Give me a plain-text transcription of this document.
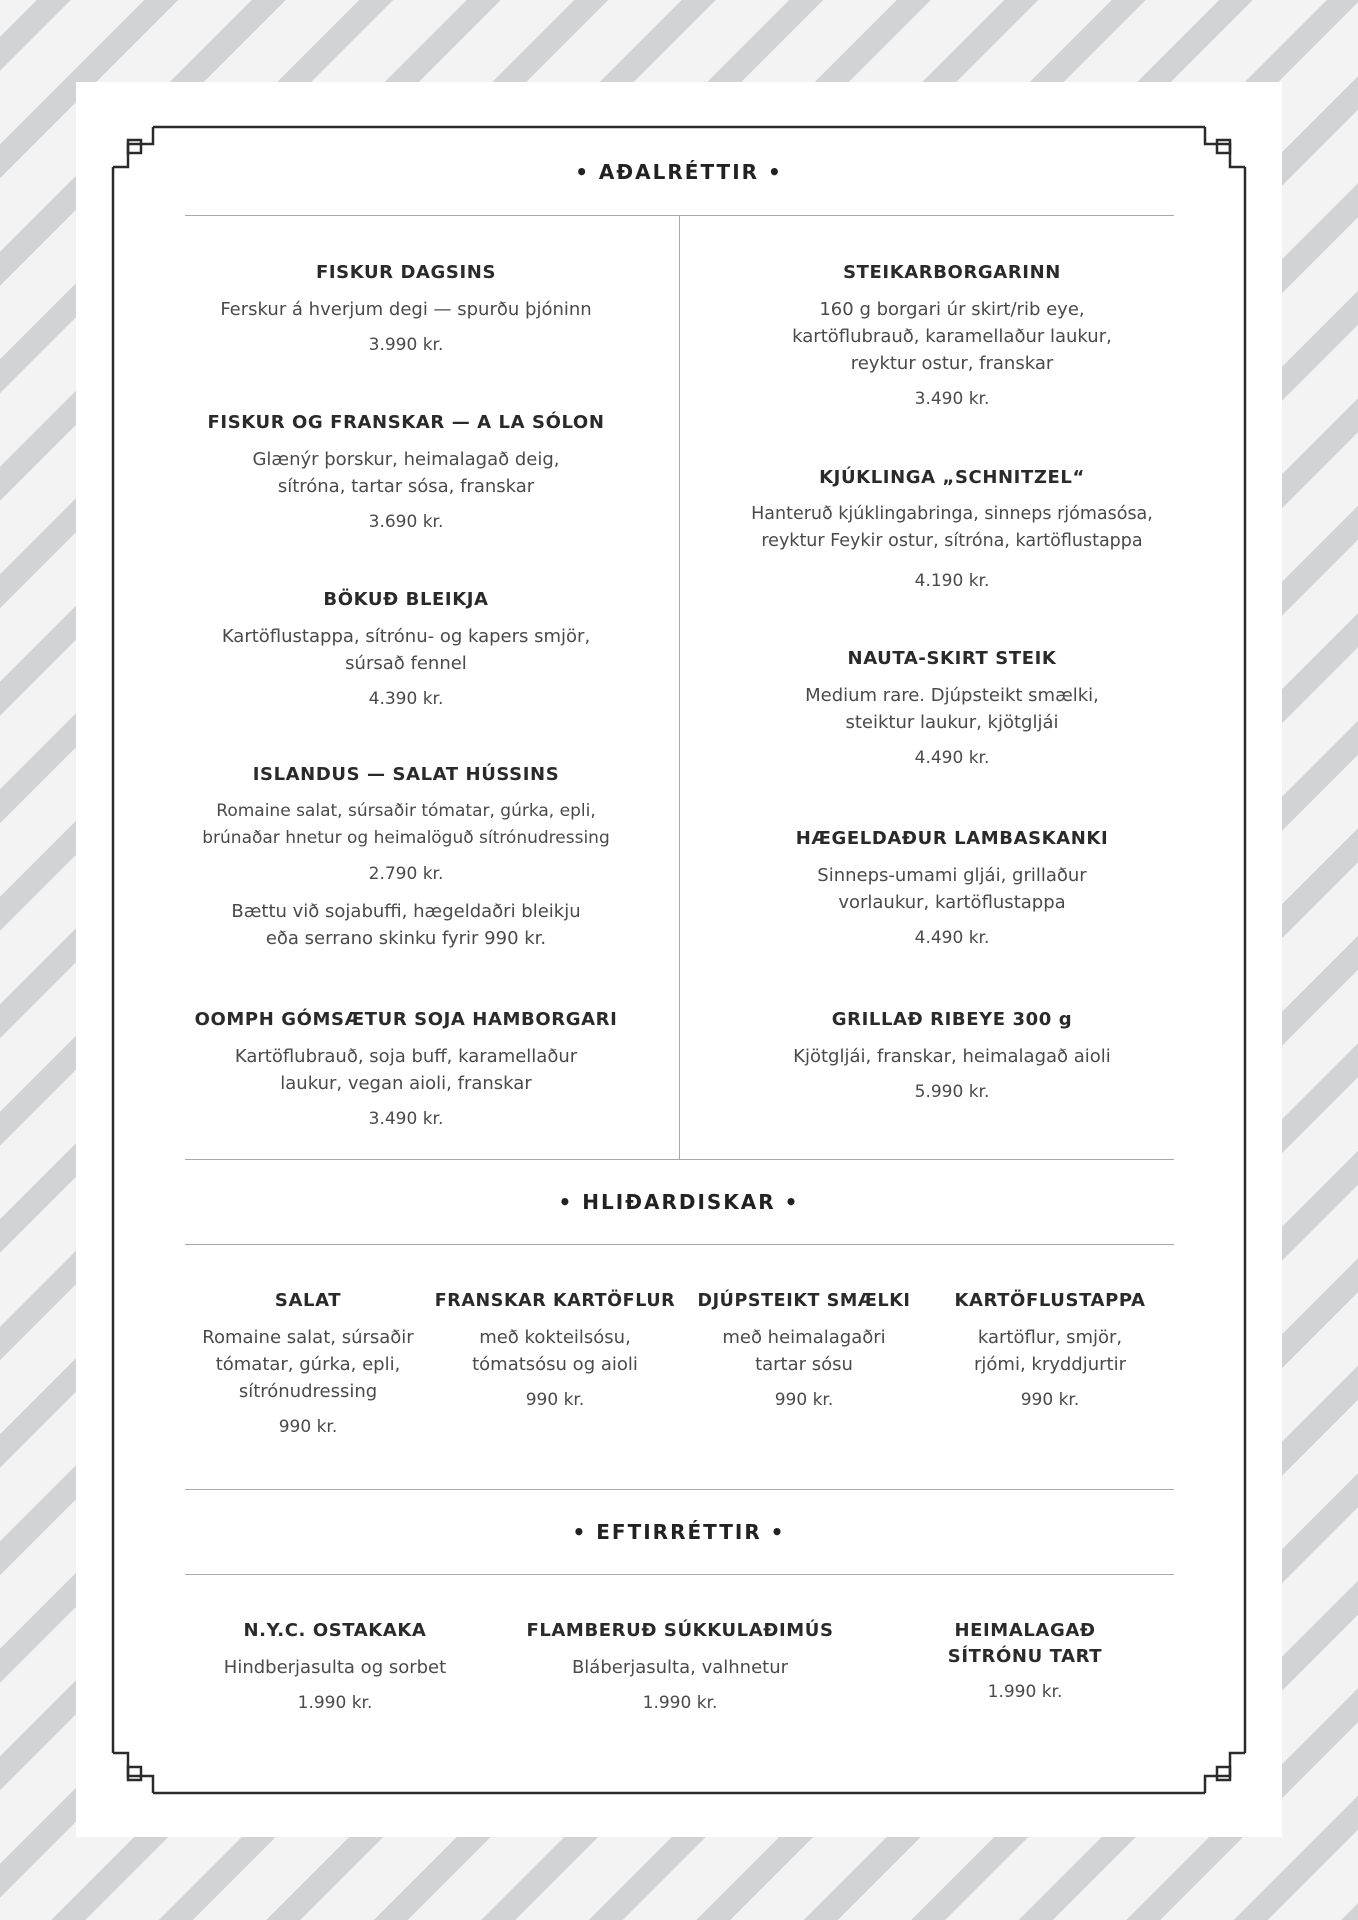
• AÐALRÉTTIR •
• HLIÐARDISKAR •
• EFTIRRÉTTIR •
FISKUR DAGSINS
Ferskur á hverjum degi — spurðu þjóninn
3.990 kr.
FISKUR OG FRANSKAR — A LA SÓLON
Glænýr þorskur, heimalagað deig,
sítróna, tartar sósa, franskar
3.690 kr.
BÖKUÐ BLEIKJA
Kartöflustappa, sítrónu- og kapers smjör,
súrsað fennel
4.390 kr.
ISLANDUS — SALAT HÚSSINS
Romaine salat, súrsaðir tómatar, gúrka, epli,
brúnaðar hnetur og heimalöguð sítrónudressing
2.790 kr.
Bættu við sojabuffi, hægeldaðri bleikju
eða serrano skinku fyrir 990 kr.
OOMPH GÓMSÆTUR SOJA HAMBORGARI
Kartöflubrauð, soja buff, karamellaður
laukur, vegan aioli, franskar
3.490 kr.
STEIKARBORGARINN
160 g borgari úr skirt/rib eye,
kartöflubrauð, karamellaður laukur,
reyktur ostur, franskar
3.490 kr.
KJÚKLINGA „SCHNITZEL“
Hanteruð kjúklingabringa, sinneps rjómasósa,
reyktur Feykir ostur, sítróna, kartöflustappa
4.190 kr.
NAUTA-SKIRT STEIK
Medium rare. Djúpsteikt smælki,
steiktur laukur, kjötgljái
4.490 kr.
HÆGELDAÐUR LAMBASKANKI
Sinneps-umami gljái, grillaður
vorlaukur, kartöflustappa
4.490 kr.
GRILLAÐ RIBEYE 300 g
Kjötgljái, franskar, heimalagað aioli
5.990 kr.
SALAT
Romaine salat, súrsaðir
tómatar, gúrka, epli,
sítrónudressing
990 kr.
FRANSKAR KARTÖFLUR
með kokteilsósu,
tómatsósu og aioli
990 kr.
DJÚPSTEIKT SMÆLKI
með heimalagaðri
tartar sósu
990 kr.
KARTÖFLUSTAPPA
kartöflur, smjör,
rjómi, kryddjurtir
990 kr.
N.Y.C. OSTAKAKA
Hindberjasulta og sorbet
1.990 kr.
FLAMBERUÐ SÚKKULAÐIMÚS
Bláberjasulta, valhnetur
1.990 kr.
HEIMALAGAÐ
SÍTRÓNU TART
1.990 kr.
